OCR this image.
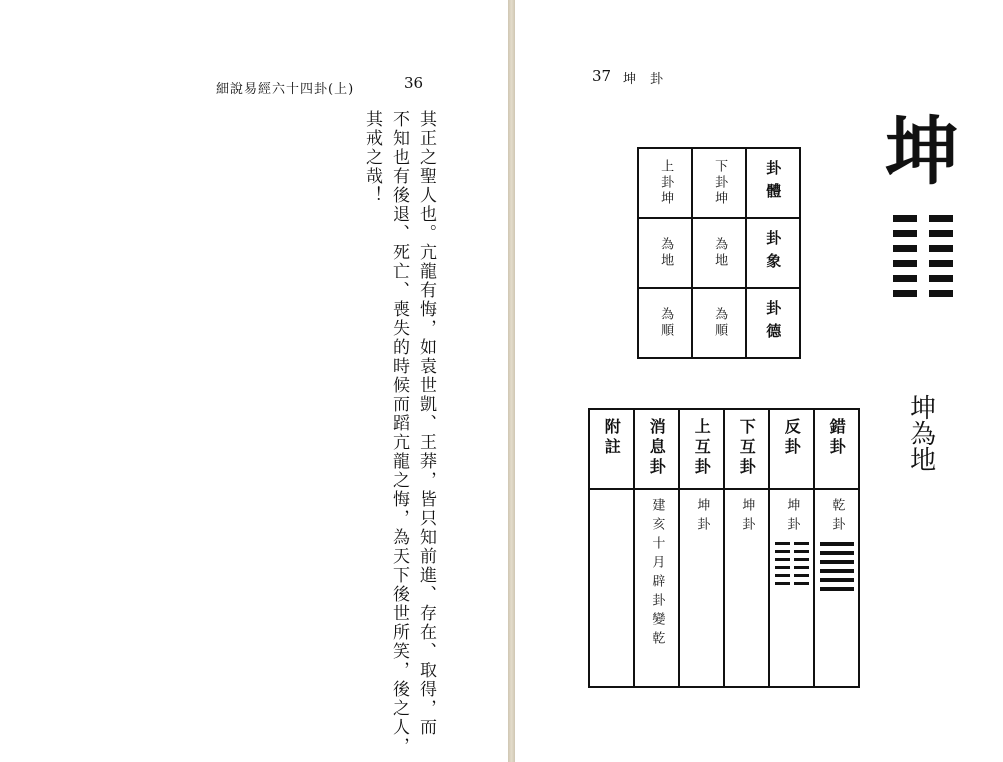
細說易經六十四卦(上)	36
其正之聖人也。亢龍有悔，如袁世凱、王莽，皆只知前進、存在、取得，而
不知也有後退、死亡、喪失的時候而蹈亢龍之悔，為天下後世所笑，後之人，
其戒之哉！
37 坤卦
坤
坤為地
上卦坤	下卦坤	卦體

為地	為地	卦象

為順	為順	卦德
附註	消息卦	上互卦	下互卦	反卦	錯卦

	建亥十月辟卦變乾	坤卦	坤卦	坤卦	乾卦
